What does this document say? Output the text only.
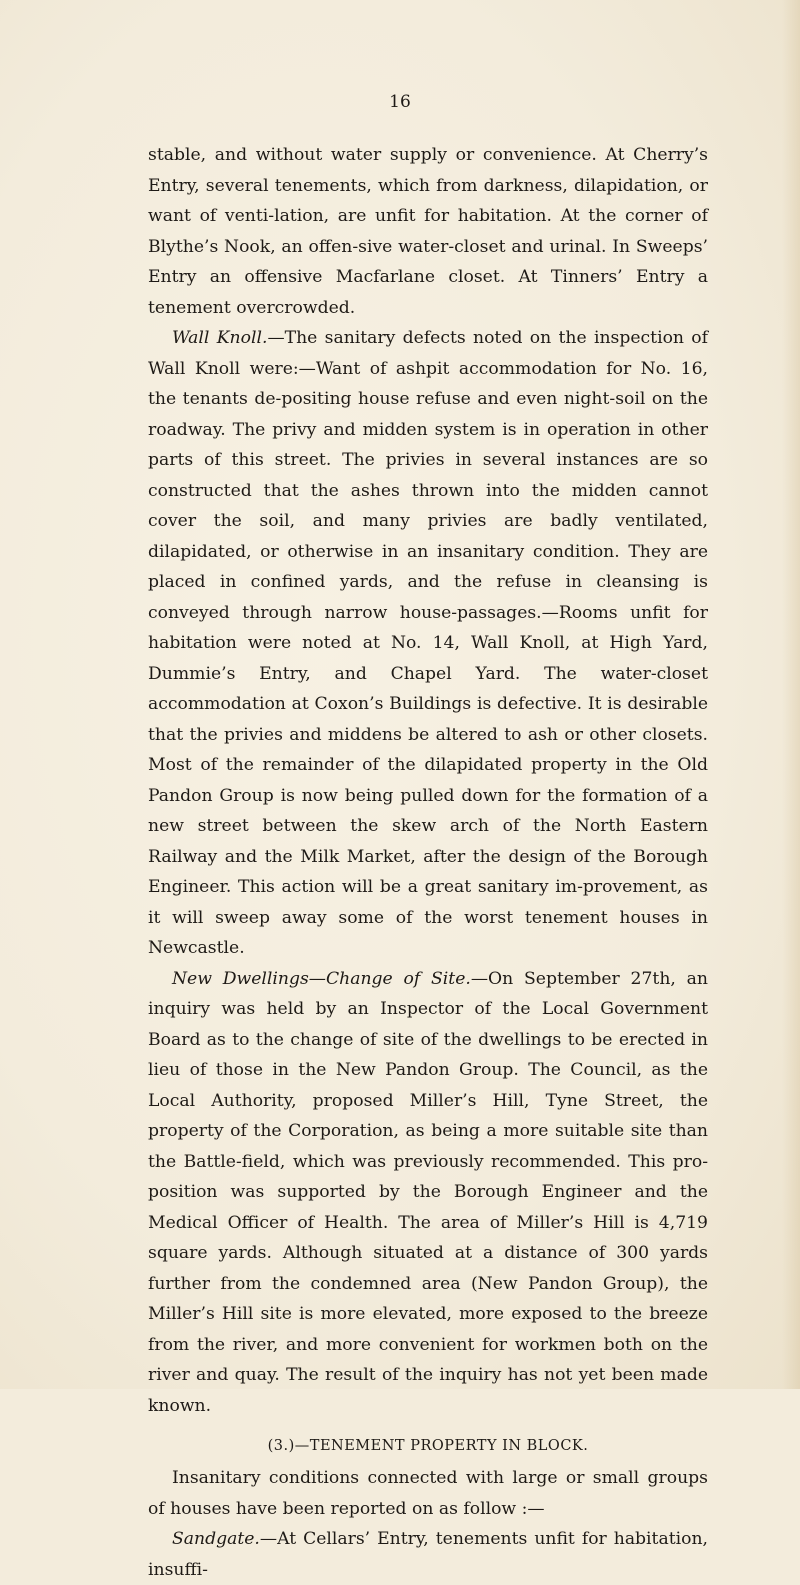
16

stable, and without water supply or convenience. At Cherry’s Entry, several tenements, which from darkness, dilapidation, or want of venti-lation, are unfit for habitation. At the corner of Blythe’s Nook, an offen-sive water-closet and urinal. In Sweeps’ Entry an offensive Macfarlane closet. At Tinners’ Entry a tenement overcrowded.

Wall Knoll.—The sanitary defects noted on the inspection of Wall Knoll were:—Want of ashpit accommodation for No. 16, the tenants de-positing house refuse and even night-soil on the roadway. The privy and midden system is in operation in other parts of this street. The privies in several instances are so constructed that the ashes thrown into the midden cannot cover the soil, and many privies are badly ventilated, dilapidated, or otherwise in an insanitary condition. They are placed in confined yards, and the refuse in cleansing is conveyed through narrow house-passages.—Rooms unfit for habitation were noted at No. 14, Wall Knoll, at High Yard, Dummie’s Entry, and Chapel Yard. The water-closet accommodation at Coxon’s Buildings is defective. It is desirable that the privies and middens be altered to ash or other closets. Most of the remainder of the dilapidated property in the Old Pandon Group is now being pulled down for the formation of a new street between the skew arch of the North Eastern Railway and the Milk Market, after the design of the Borough Engineer. This action will be a great sanitary im-provement, as it will sweep away some of the worst tenement houses in Newcastle.

New Dwellings—Change of Site.—On September 27th, an inquiry was held by an Inspector of the Local Government Board as to the change of site of the dwellings to be erected in lieu of those in the New Pandon Group. The Council, as the Local Authority, proposed Miller’s Hill, Tyne Street, the property of the Corporation, as being a more suitable site than the Battle-field, which was previously recommended. This pro-position was supported by the Borough Engineer and the Medical Officer of Health. The area of Miller’s Hill is 4,719 square yards. Although situated at a distance of 300 yards further from the condemned area (New Pandon Group), the Miller’s Hill site is more elevated, more exposed to the breeze from the river, and more convenient for workmen both on the river and quay. The result of the inquiry has not yet been made known.

(3.)—TENEMENT PROPERTY IN BLOCK.

Insanitary conditions connected with large or small groups of houses have been reported on as follow :—

Sandgate.—At Cellars’ Entry, tenements unfit for habitation, insuffi-
